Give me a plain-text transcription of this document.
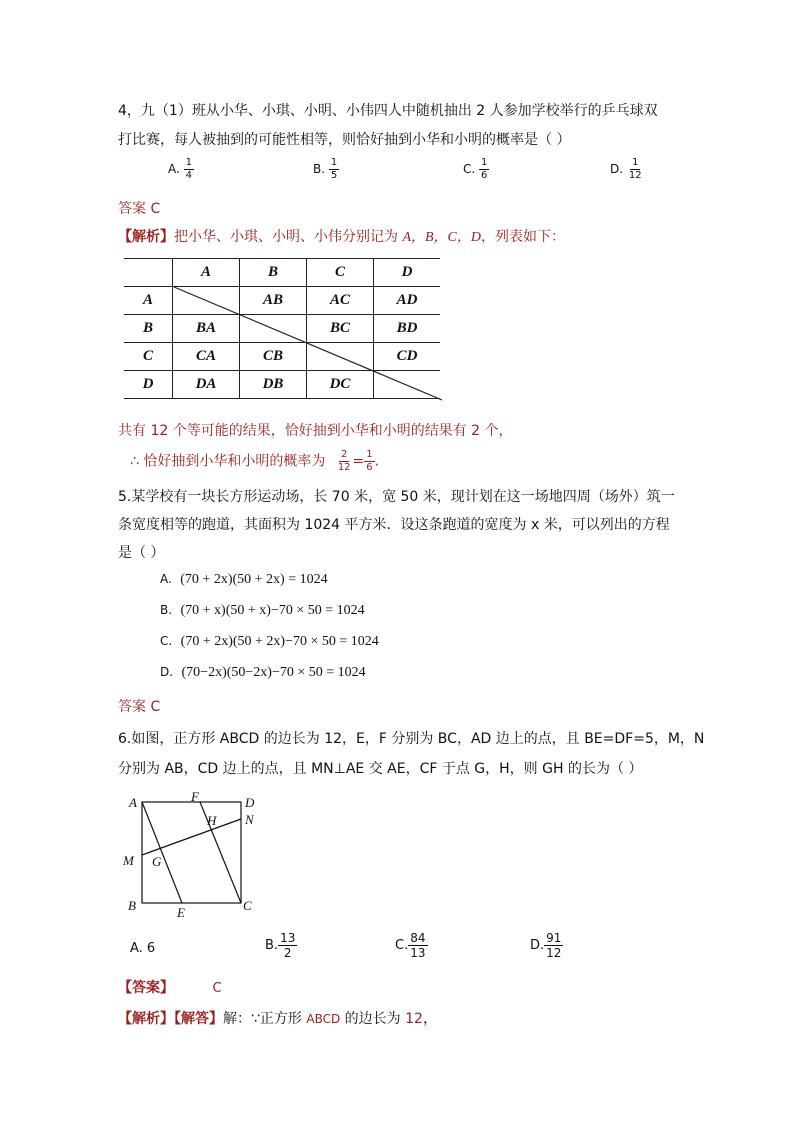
4，九（1）班从小华、小琪、小明、小伟四人中随机抽出 2 人参加学校举行的乒乓球双
打比赛，每人被抽到的可能性相等，则恰好抽到小华和小明的概率是（ ）
A. $\frac{1}{4}$	B. $\frac{1}{5}$	C. $\frac{1}{6}$	D. $\frac{1}{12}$
答案 C
【解析】把小华、小琪、小明、小伟分别记为 A，B，C，D，列表如下：
	A	B	C	D
A		AB	AC	AD
B	BA		BC	BD
C	CA	CB		CD
D	DA	DB	DC	
共有 12 个等可能的结果，恰好抽到小华和小明的结果有 2 个，
∴ 恰好抽到小华和小明的概率为 $\frac{2}{12} = \frac{1}{6}$ .
5.某学校有一块长方形运动场，长 70 米，宽 50 米，现计划在这一场地四周（场外）筑一
条宽度相等的跑道，其面积为 1024 平方米．设这条跑道的宽度为 x 米，可以列出的方程
是（ ）
A. (70 + 2x)(50 + 2x) = 1024
B. (70 + x)(50 + x)−70 × 50 = 1024
C. (70 + 2x)(50 + 2x)−70 × 50 = 1024
D. (70−2x)(50−2x)−70 × 50 = 1024
答案 C
6.如图，正方形 ABCD 的边长为 12，E，F 分别为 BC，AD 边上的点，且 BE=DF=5，M，N
分别为 AB，CD 边上的点，且 MN⊥AE 交 AE，CF 于点 G，H，则 GH 的长为（ ）
A	F	D
N
H
M G
B	E	C
A. 6	B. $\frac{13}{2}$	C. $\frac{84}{13}$	D. $\frac{91}{12}$
【答案】	C
【解析】【解答】解：∵正方形 ABCD 的边长为 12，
